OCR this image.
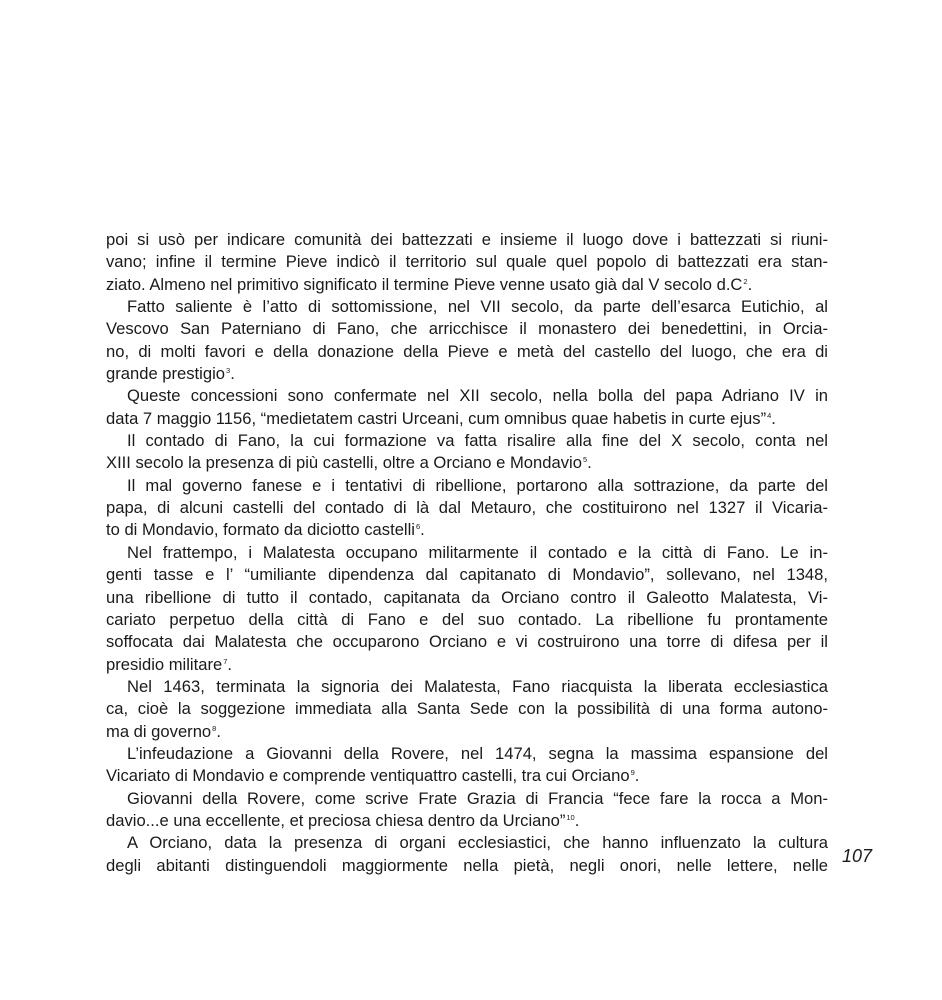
poi si usò per indicare comunità dei battezzati e insieme il luogo dove i battezzati si riuni-
vano; infine il termine Pieve indicò il territorio sul quale quel popolo di battezzati era stan-
ziato. Almeno nel primitivo significato il termine Pieve venne usato già dal V secolo $d.C^2$.
Fatto saliente è l’atto di sottomissione, nel VII secolo, da parte dell’esarca Eutichio, al
Vescovo San Paterniano di Fano, che arricchisce il monastero dei benedettini, in Orcia-
no, di molti favori e della donazione della Pieve e metà del castello del luogo, che era di
grande prestigio$^3$.
Queste concessioni sono confermate nel XII secolo, nella bolla del papa Adriano IV in
data 7 maggio 1156, “medietatem castri Urceani, cum omnibus quae habetis in curte ejus”$^4$.
Il contado di Fano, la cui formazione va fatta risalire alla fine del X secolo, conta nel
XIII secolo la presenza di più castelli, oltre a Orciano e Mondavio$^5$.
Il mal governo fanese e i tentativi di ribellione, portarono alla sottrazione, da parte del
papa, di alcuni castelli del contado di là dal Metauro, che costituirono nel 1327 il Vicaria-
to di Mondavio, formato da diciotto castelli$^6$.
Nel frattempo, i Malatesta occupano militarmente il contado e la città di Fano. Le in-
genti tasse e l’ “umiliante dipendenza dal capitanato di Mondavio”, sollevano, nel 1348,
una ribellione di tutto il contado, capitanata da Orciano contro il Galeotto Malatesta, Vi-
cariato perpetuo della città di Fano e del suo contado. La ribellione fu prontamente
soffocata dai Malatesta che occuparono Orciano e vi costruirono una torre di difesa per il
presidio militare$^7$.
Nel 1463, terminata la signoria dei Malatesta, Fano riacquista la liberata ecclesiastica
ca, cioè la soggezione immediata alla Santa Sede con la possibilità di una forma autono-
ma di governo$^8$.
L’infeudazione a Giovanni della Rovere, nel 1474, segna la massima espansione del
Vicariato di Mondavio e comprende ventiquattro castelli, tra cui Orciano$^9$.
Giovanni della Rovere, come scrive Frate Grazia di Francia “fece fare la rocca a Mon-
davio...e una eccellente, et preciosa chiesa dentro da Urciano”$^{10}$.
A Orciano, data la presenza di organi ecclesiastici, che hanno influenzato la cultura
degli abitanti distinguendoli maggiormente nella pietà, negli onori, nelle lettere, nelle 107
